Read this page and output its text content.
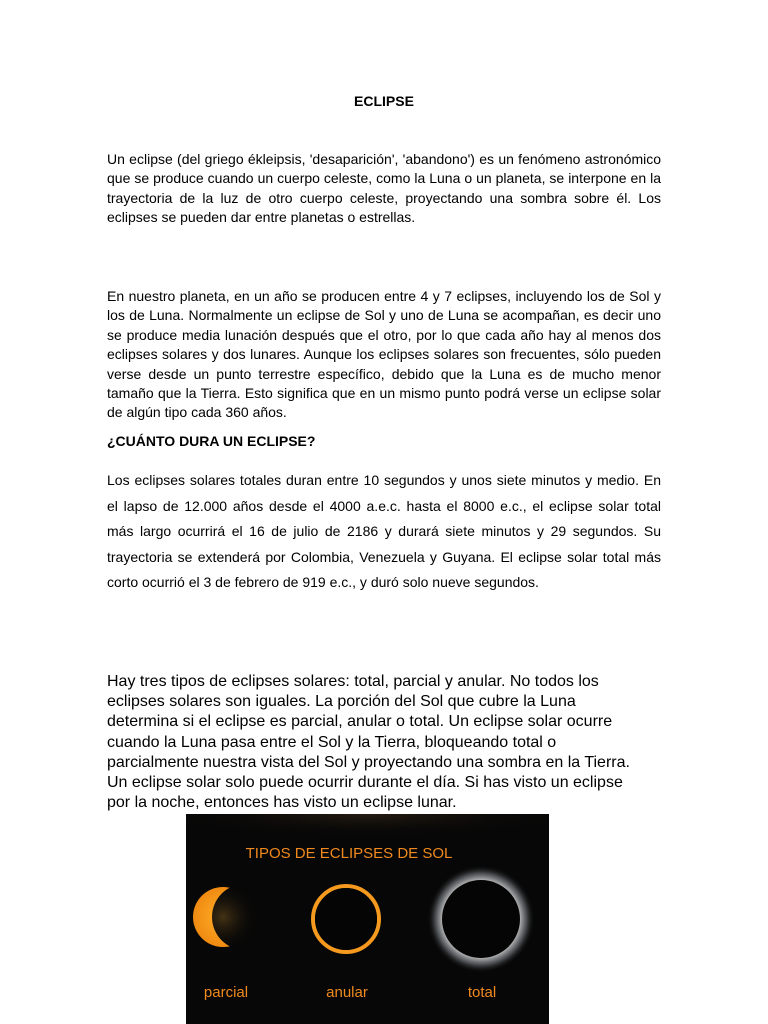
ECLIPSE
Un eclipse (del griego ékleipsis, 'desaparición', 'abandono') es un fenómeno astronómico que se produce cuando un cuerpo celeste, como la Luna o un planeta, se interpone en la trayectoria de la luz de otro cuerpo celeste, proyectando una sombra sobre él. Los eclipses se pueden dar entre planetas o estrellas.
En nuestro planeta, en un año se producen entre 4 y 7 eclipses, incluyendo los de Sol y los de Luna. Normalmente un eclipse de Sol y uno de Luna se acompañan, es decir uno se produce media lunación después que el otro, por lo que cada año hay al menos dos eclipses solares y dos lunares. Aunque los eclipses solares son frecuentes, sólo pueden verse desde un punto terrestre específico, debido que la Luna es de mucho menor tamaño que la Tierra. Esto significa que en un mismo punto podrá verse un eclipse solar de algún tipo cada 360 años.
¿CUÁNTO DURA UN ECLIPSE?
Los eclipses solares totales duran entre 10 segundos y unos siete minutos y medio. En el lapso de 12.000 años desde el 4000 a.e.c. hasta el 8000 e.c., el eclipse solar total más largo ocurrirá el 16 de julio de 2186 y durará siete minutos y 29 segundos. Su trayectoria se extenderá por Colombia, Venezuela y Guyana. El eclipse solar total más corto ocurrió el 3 de febrero de 919 e.c., y duró solo nueve segundos.
Hay tres tipos de eclipses solares: total, parcial y anular. No todos los eclipses solares son iguales. La porción del Sol que cubre la Luna determina si el eclipse es parcial, anular o total. Un eclipse solar ocurre cuando la Luna pasa entre el Sol y la Tierra, bloqueando total o parcialmente nuestra vista del Sol y proyectando una sombra en la Tierra. Un eclipse solar solo puede ocurrir durante el día. Si has visto un eclipse por la noche, entonces has visto un eclipse lunar.
TIPOS DE ECLIPSES DE SOL
parcial	anular	total
